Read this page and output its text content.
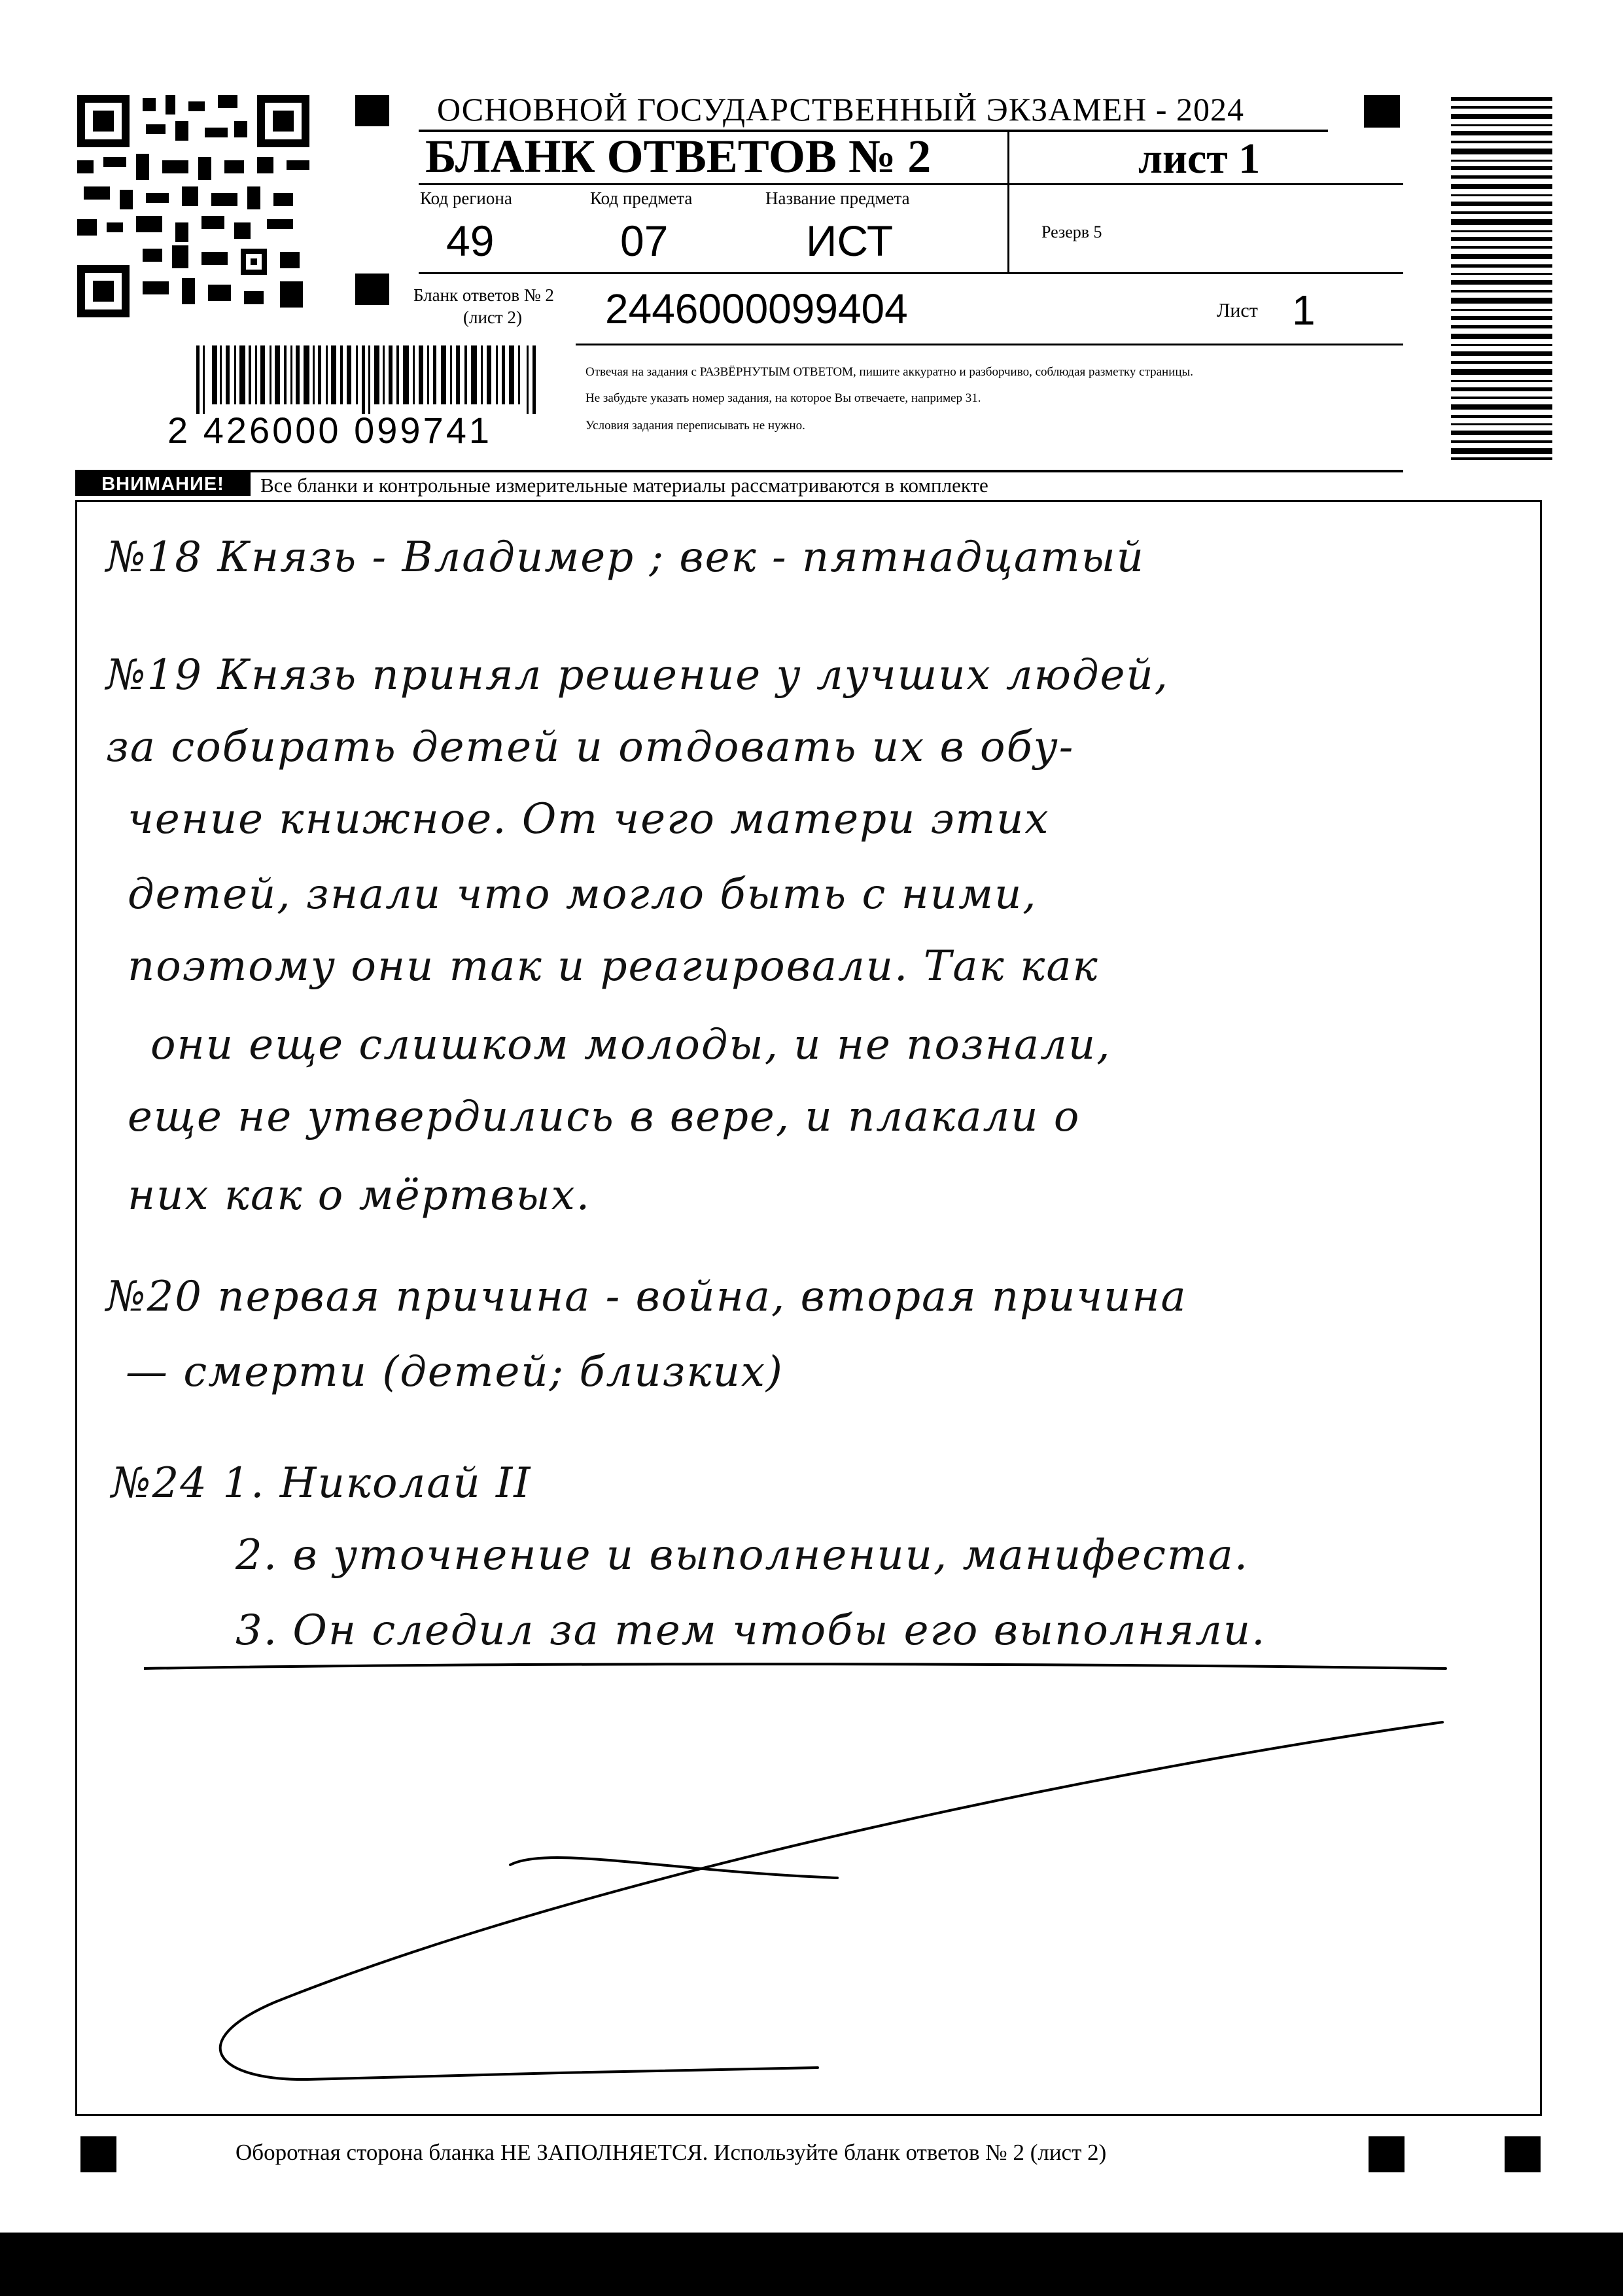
ОСНОВНОЙ ГОСУДАРСТВЕННЫЙ ЭКЗАМЕН - 2024
БЛАНК ОТВЕТОВ № 2	лист 1
Код региона
49
Код предмета
07
Название предмета
ИСТ	Резерв 5
Бланк ответов № 2
(лист 2) 2446000099404	Лист 1
Отвечая на задания с РАЗВЁРНУТЫМ ОТВЕТОМ, пишите аккуратно и разборчиво, соблюдая разметку страницы.
Не забудьте указать номер задания, на которое Вы отвечаете, например 31.
Условия задания переписывать не нужно.
2 426000 099741
ВНИМАНИЕ!	Все бланки и контрольные измерительные материалы рассматриваются в комплекте
№18 Князь - Владимер ; век - пятнадцатый
№19 Князь принял решение у лучших людей,
за собирать детей и отдовать их в обу-
чение книжное. От чего матери этих
детей, знали что могло быть с ними,
поэтому они так и реагировали. Так как
они еще слишком молоды, и не познали,
еще не утвердились в вере, и плакали о
них как о мёртвых.
№20 первая причина - война, вторая причина
— смерти (детей; близких)
№24 1. Николай II
2. в уточнение и выполнении, манифеста.
3. Он следил за тем чтобы его выполняли.
Оборотная сторона бланка НЕ ЗАПОЛНЯЕТСЯ. Используйте бланк ответов № 2 (лист 2)
